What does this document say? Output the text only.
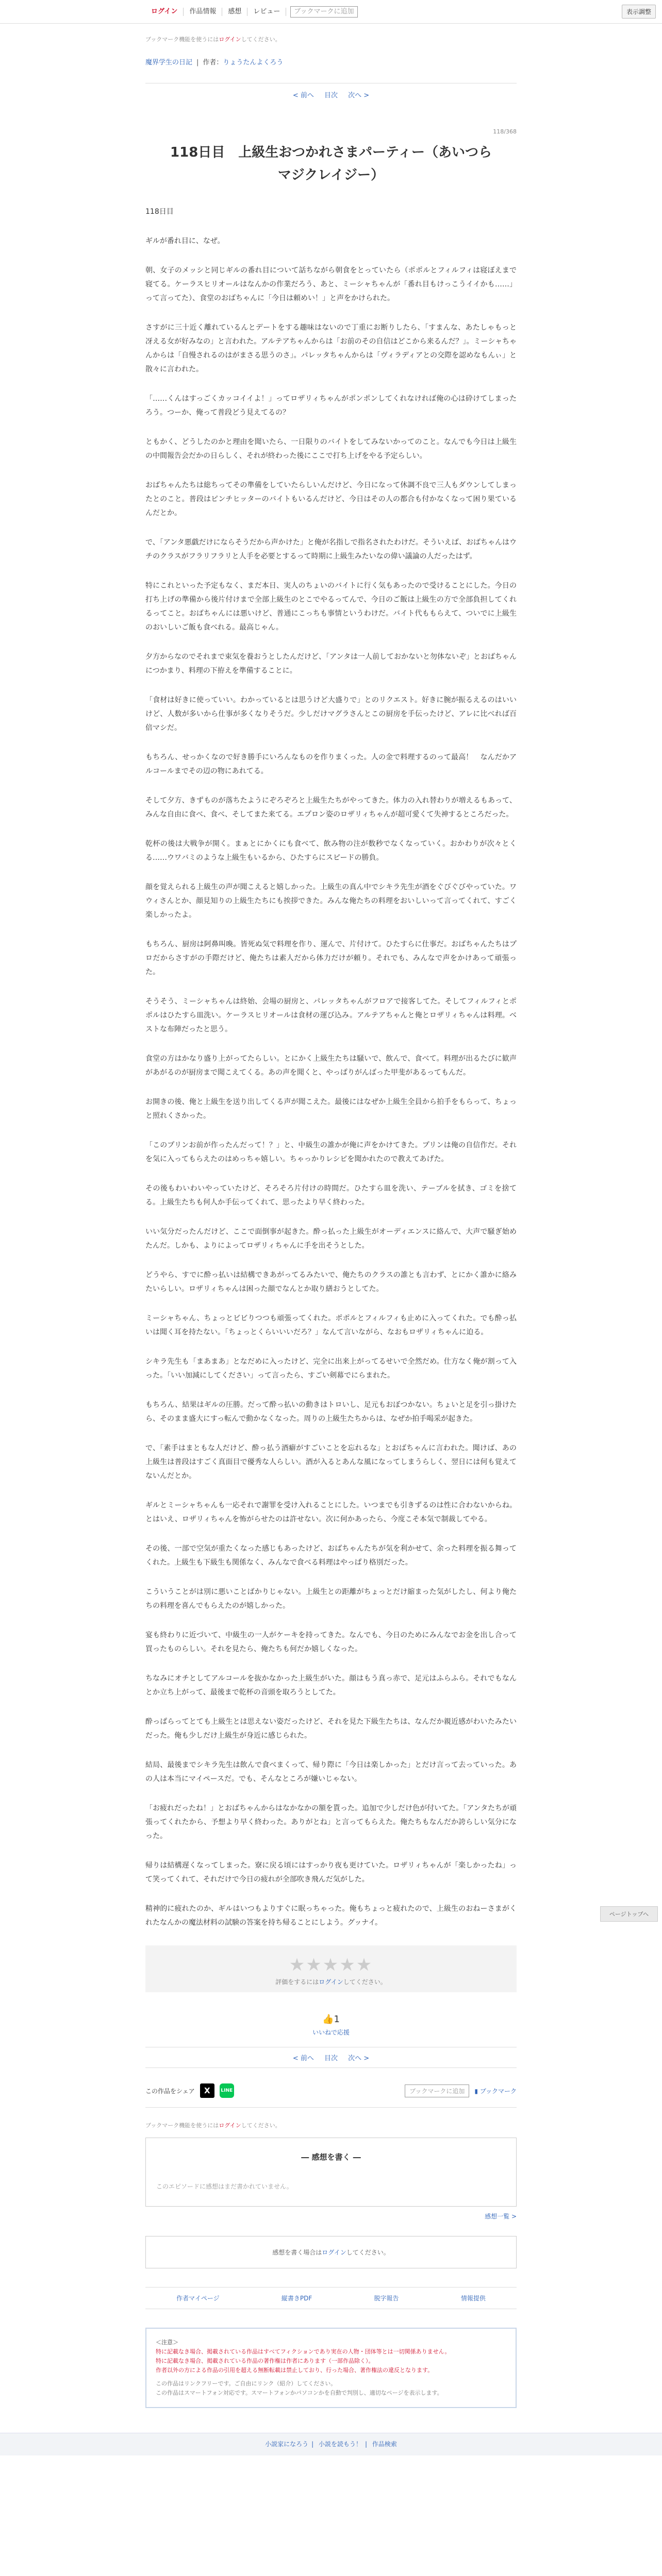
ログイン	作品情報	感想	レビュー	ブックマークに追加	表示調整
ブックマーク機能を使うにはログインしてください。
魔界学生の日記 | 作者：りょうたんよくろう
< 前へ 目次 次へ >
118/368
118日目　上級生おつかれさまパーティー（あいつらマジクレイジー）

118日目

ギルが番れ目に、なぜ。

朝、女子のメッシと同じギルの番れ目について話ちながら朝食をとっていたら（ポポルとフィルフィは寝ぼえまで寝てる。ケーラスヒリオールはなんかの作業だろう、あと、ミーシャちゃんが「番れ目もけっこうイイかも……」って言ってた）、食堂のおばちゃんに「今日は頼めい！」と声をかけられた。

さすがに三十近く離れているんとデートをする趣味はないので丁重にお断りしたら、「すまんな、あたしゃもっと冴える女が好みなの」と言われた。アルテアちゃんからは「お前のその自信はどこから来るんだ？」。ミーシャちゃんからは「自慢されるのはがまさる思うのさ」。パレッタちゃんからは「ヴィラディアとの交際を認めなもんぃ」と散々に言われた。

「……くんはすっごくカッコイイよ！」ってロザリィちゃんがポンポンしてくれなければ俺の心は砕けてしまったろう。つーか、俺って普段どう見えてるの？

ともかく、どうしたのかと理由を聞いたら、一日限りのバイトをしてみないかってのこと。なんでも今日は上級生の中間報告会だかの日らしく、それが終わった後にここで打ち上げをやる予定らしい。

おばちゃんたちは総ちってその準備をしていたらしいんだけど、今日になって休調不良で三人もダウンしてしまったとのこと。普段はピンチヒッターのバイトもいるんだけど、今日はその人の都合も付かなくなって困り果ているんだとか。

で、「アンタ悪戯だけにならそうだから声かけた」と俺が名指しで指名されたわけだ。そういえば、おばちゃんはウチのクラスがフラリフラリと人手を必要とするって時期に上級生みたいなの偉い議論の人だったはず。

特にこれといった予定もなく、まだ本日、実人のちょいのバイトに行く気もあったので受けることにした。今日の打ち上げの準備から後片付けまで全部上級生のとこでやるってんで、今日のご飯は上級生の方で全部負担してくれるってこと。おばちゃんには悪いけど、普通にこっちも事情というわけだ。バイト代ももらえて、ついでに上級生のおいしいご飯も食べれる。最高じゃん。

夕方からなのでそれまで束気を養おうとしたんだけど、「アンタは一人前しておかないと勿体ないぞ」とおばちゃんにつかまり、料理の下拵えを準備することに。

「食材は好きに使っていい。わかっているとは思うけど大盛りで」とのリクエスト。好きに腕が振るえるのはいいけど、人数が多いから仕事が多くなりそうだ。少しだけマグラさんとこの厨房を手伝ったけど、アレに比べれば百倍マシだ。

もちろん、せっかくなので好き勝手にいろんなものを作りまくった。人の金で料理するのって最高！　なんだかアルコールまでその辺の物にあれてる。

そして夕方、きずものが落ちたようにぞろぞろと上級生たちがやってきた。体力の入れ替わりが増えるもあって、みんな自由に食べ、食べ、そしてまた来てる。エプロン姿のロザリィちゃんが超可愛くて失神するところだった。

乾杯の後は大戦争が開く。まぁとにかくにも食べて、飲み物の注が数秒でなくなっていく。おかわりが次々とくる……ウワバミのような上級生もいるから、ひたすらにスピードの勝負。

顔を覚えられる上級生の声が聞こえると嬉しかった。上級生の真ん中でシキラ先生が酒をぐびぐびやっていた。ワウィさんとか、顔見知りの上級生たちにも挨拶できた。みんな俺たちの料理をおいしいって言ってくれて、すごく楽しかったよ。

もちろん、厨房は阿鼻叫喚。皆死ぬ気で料理を作り、運んで、片付けて。ひたすらに仕事だ。おばちゃんたちはプロだからさすがの手際だけど、俺たちは素人だから体力だけが頼り。それでも、みんなで声をかけあって頑張った。

そうそう、ミーシャちゃんは終始、会場の厨房と、パレッタちゃんがフロアで接客してた。そしてフィルフィとポポルはひたすら皿洗い。ケーラスヒリオールは食材の運び込み。アルテアちゃんと俺とロザリィちゃんは料理。ベストな布陣だったと思う。

食堂の方はかなり盛り上がってたらしい。とにかく上級生たちは騒いで、飲んで、食べて。料理が出るたびに歓声があがるのが厨房まで聞こえてくる。あの声を聞くと、やっぱりがんばった甲斐があるってもんだ。

お開きの後、俺と上級生を送り出してくる声が聞こえた。最後にはなぜか上級生全員から拍手をもらって、ちょっと照れくさかった。

「このプリンお前が作ったんだって！？」と、中級生の誰かが俺に声をかけてきた。プリンは俺の自信作だ。それを気に入ってもらえたのはめっちゃ嬉しい。ちゃっかりレシピを聞かれたので教えてあげた。

その後もわいわいやっていたけど、そろそろ片付けの時間だ。ひたすら皿を洗い、テーブルを拭き、ゴミを捨てる。上級生たちも何人か手伝ってくれて、思ったより早く終わった。

いい気分だったんだけど、ここで面倒事が起きた。酔っ払った上級生がオーディエンスに絡んで、大声で騒ぎ始めたんだ。しかも、よりによってロザリィちゃんに手を出そうとした。

どうやら、すでに酔っ払いは結構できあがってるみたいで、俺たちのクラスの誰とも言わず、とにかく誰かに絡みたいらしい。ロザリィちゃんは困った顔でなんとか取り繕おうとしてた。

ミーシャちゃん、ちょっとビビりつつも頑張ってくれた。ポポルとフィルフィも止めに入ってくれた。でも酔っ払いは聞く耳を持たない。「ちょっとくらいいいだろ？」なんて言いながら、なおもロザリィちゃんに迫る。

シキラ先生も「まあまあ」となだめに入ったけど、完全に出来上がってるせいで全然だめ。仕方なく俺が割って入った。「いい加減にしてください」って言ったら、すごい剣幕でにらまれた。

もちろん、結果はギルの圧勝。だって酔っ払いの動きはトロいし、足元もおぼつかない。ちょいと足を引っ掛けたら、そのまま盛大にすっ転んで動かなくなった。周りの上級生たちからは、なぜか拍手喝采が起きた。

で、「素手はまともな人だけど、酔っ払う酒癖がすごいことを忘れるな」とおばちゃんに言われた。聞けば、あの上級生は普段はすごく真面目で優秀な人らしい。酒が入るとあんな風になってしまうらしく、翌日には何も覚えてないんだとか。

ギルとミーシャちゃんも一応それで謝罪を受け入れることにした。いつまでも引きずるのは性に合わないからね。とはいえ、ロザリィちゃんを怖がらせたのは許せない。次に何かあったら、今度こそ本気で制裁してやる。

その後、一部で空気が重たくなった感じもあったけど、おばちゃんたちが気を利かせて、余った料理を振る舞ってくれた。上級生も下級生も関係なく、みんなで食べる料理はやっぱり格別だった。

こういうことがは別に悪いことばかりじゃない。上級生との距離がちょっとだけ縮まった気がしたし、何より俺たちの料理を喜んでもらえたのが嬉しかった。

宴も終わりに近づいて、中級生の一人がケーキを持ってきた。なんでも、今日のためにみんなでお金を出し合って買ったものらしい。それを見たら、俺たちも何だか嬉しくなった。

ちなみにオチとしてアルコールを抜かなかった上級生がいた。顔はもう真っ赤で、足元はふらふら。それでもなんとか立ち上がって、最後まで乾杯の音頭を取ろうとしてた。

酔っぱらってとても上級生とは思えない姿だったけど、それを見た下級生たちは、なんだか親近感がわいたみたいだった。俺も少しだけ上級生が身近に感じられた。

結局、最後までシキラ先生は飲んで食べまくって、帰り際に「今日は楽しかった」とだけ言って去っていった。あの人は本当にマイペースだ。でも、そんなところが嫌いじゃない。

「お疲れだったね！」とおばちゃんからはなかなかの額を貰った。追加で少しだけ色が付いてた。「アンタたちが頑張ってくれたから、予想より早く終わった。ありがとね」と言ってもらえた。俺たちもなんだか誇らしい気分になった。

帰りは結構遅くなってしまった。寮に戻る頃にはすっかり夜も更けていた。ロザリィちゃんが「楽しかったね」って笑ってくれて、それだけで今日の疲れが全部吹き飛んだ気がした。

精神的に疲れたのか、ギルはいつもよりすぐに眠っちゃった。俺もちょっと疲れたので、上級生のおねーさまがくれたなんかの魔法材料の試験の答案を持ち帰ることにしよう。グッナイ。

★★★★★
評価をするにはログインしてください。
👍1
いいねで応援
< 前へ 目次 次へ >
この作品をシェア	X	LINE	ブックマークに追加	▮ ブックマーク
ブックマーク機能を使うにはログインしてください。
― 感想を書く ―
このエピソードに感想はまだ書かれていません。
感想一覧 >
感想を書く場合はログインしてください。
作者マイページ	縦書きPDF	脱字報告	情報提供
＜注意＞
特に記載なき場合、掲載されている作品はすべてフィクションであり実在の人物・団体等とは一切関係ありません。
特に記載なき場合、掲載されている作品の著作権は作者にあります（一部作品除く）。
作者以外の方による作品の引用を超える無断転載は禁止しており、行った場合、著作権法の違反となります。
この作品はリンクフリーです。ご自由にリンク（紹介）してください。
この作品はスマートフォン対応です。スマートフォンかパソコンかを自動で判別し、適切なページを表示します。
小説家になろう | 小説を読もう！ | 作品検索
ページトップへ
